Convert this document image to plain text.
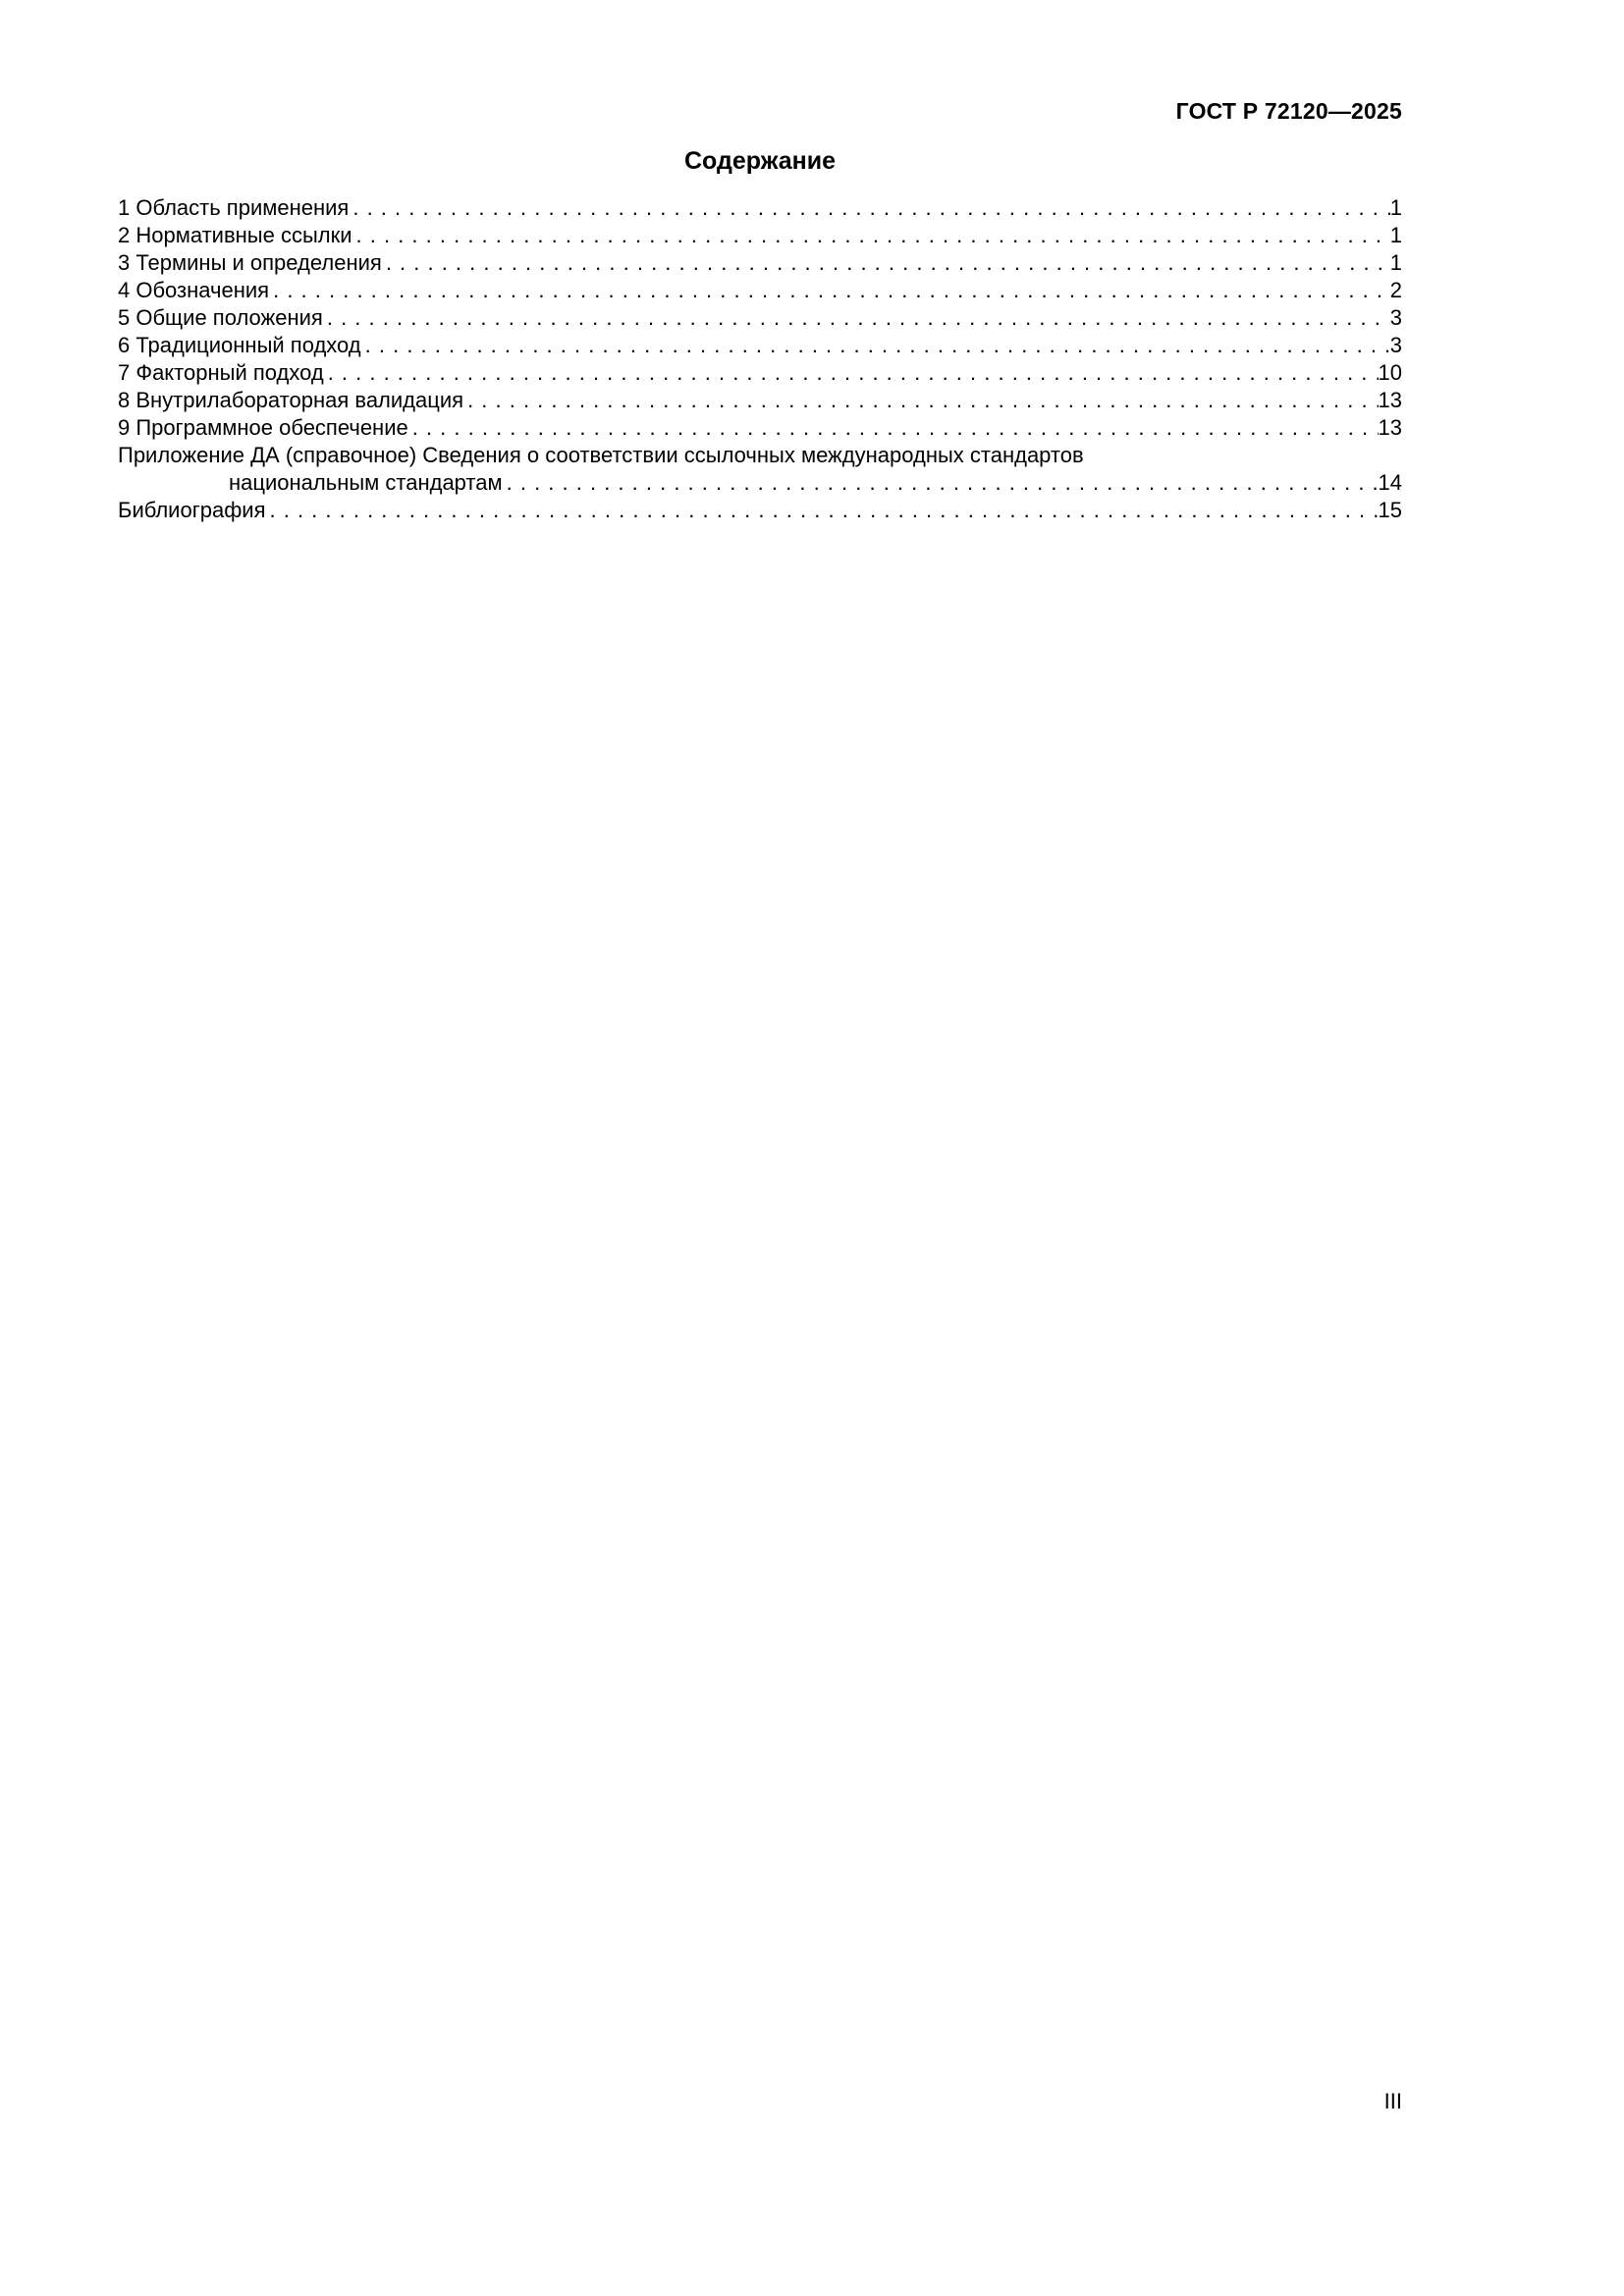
ГОСТ Р 72120—2025
Содержание
1 Область применения . . .	1
2 Нормативные ссылки . . .	1
3 Термины и определения . . .	1
4 Обозначения . . .	2
5 Общие положения . . .	3
6 Традиционный подход . . .	3
7 Факторный подход . . .	10
8 Внутрилабораторная валидация . . .	13
9 Программное обеспечение . . .	13
Приложение ДА (справочное) Сведения о соответствии ссылочных международных стандартов
национальным стандартам . . .	14
Библиография . . .	15
III
